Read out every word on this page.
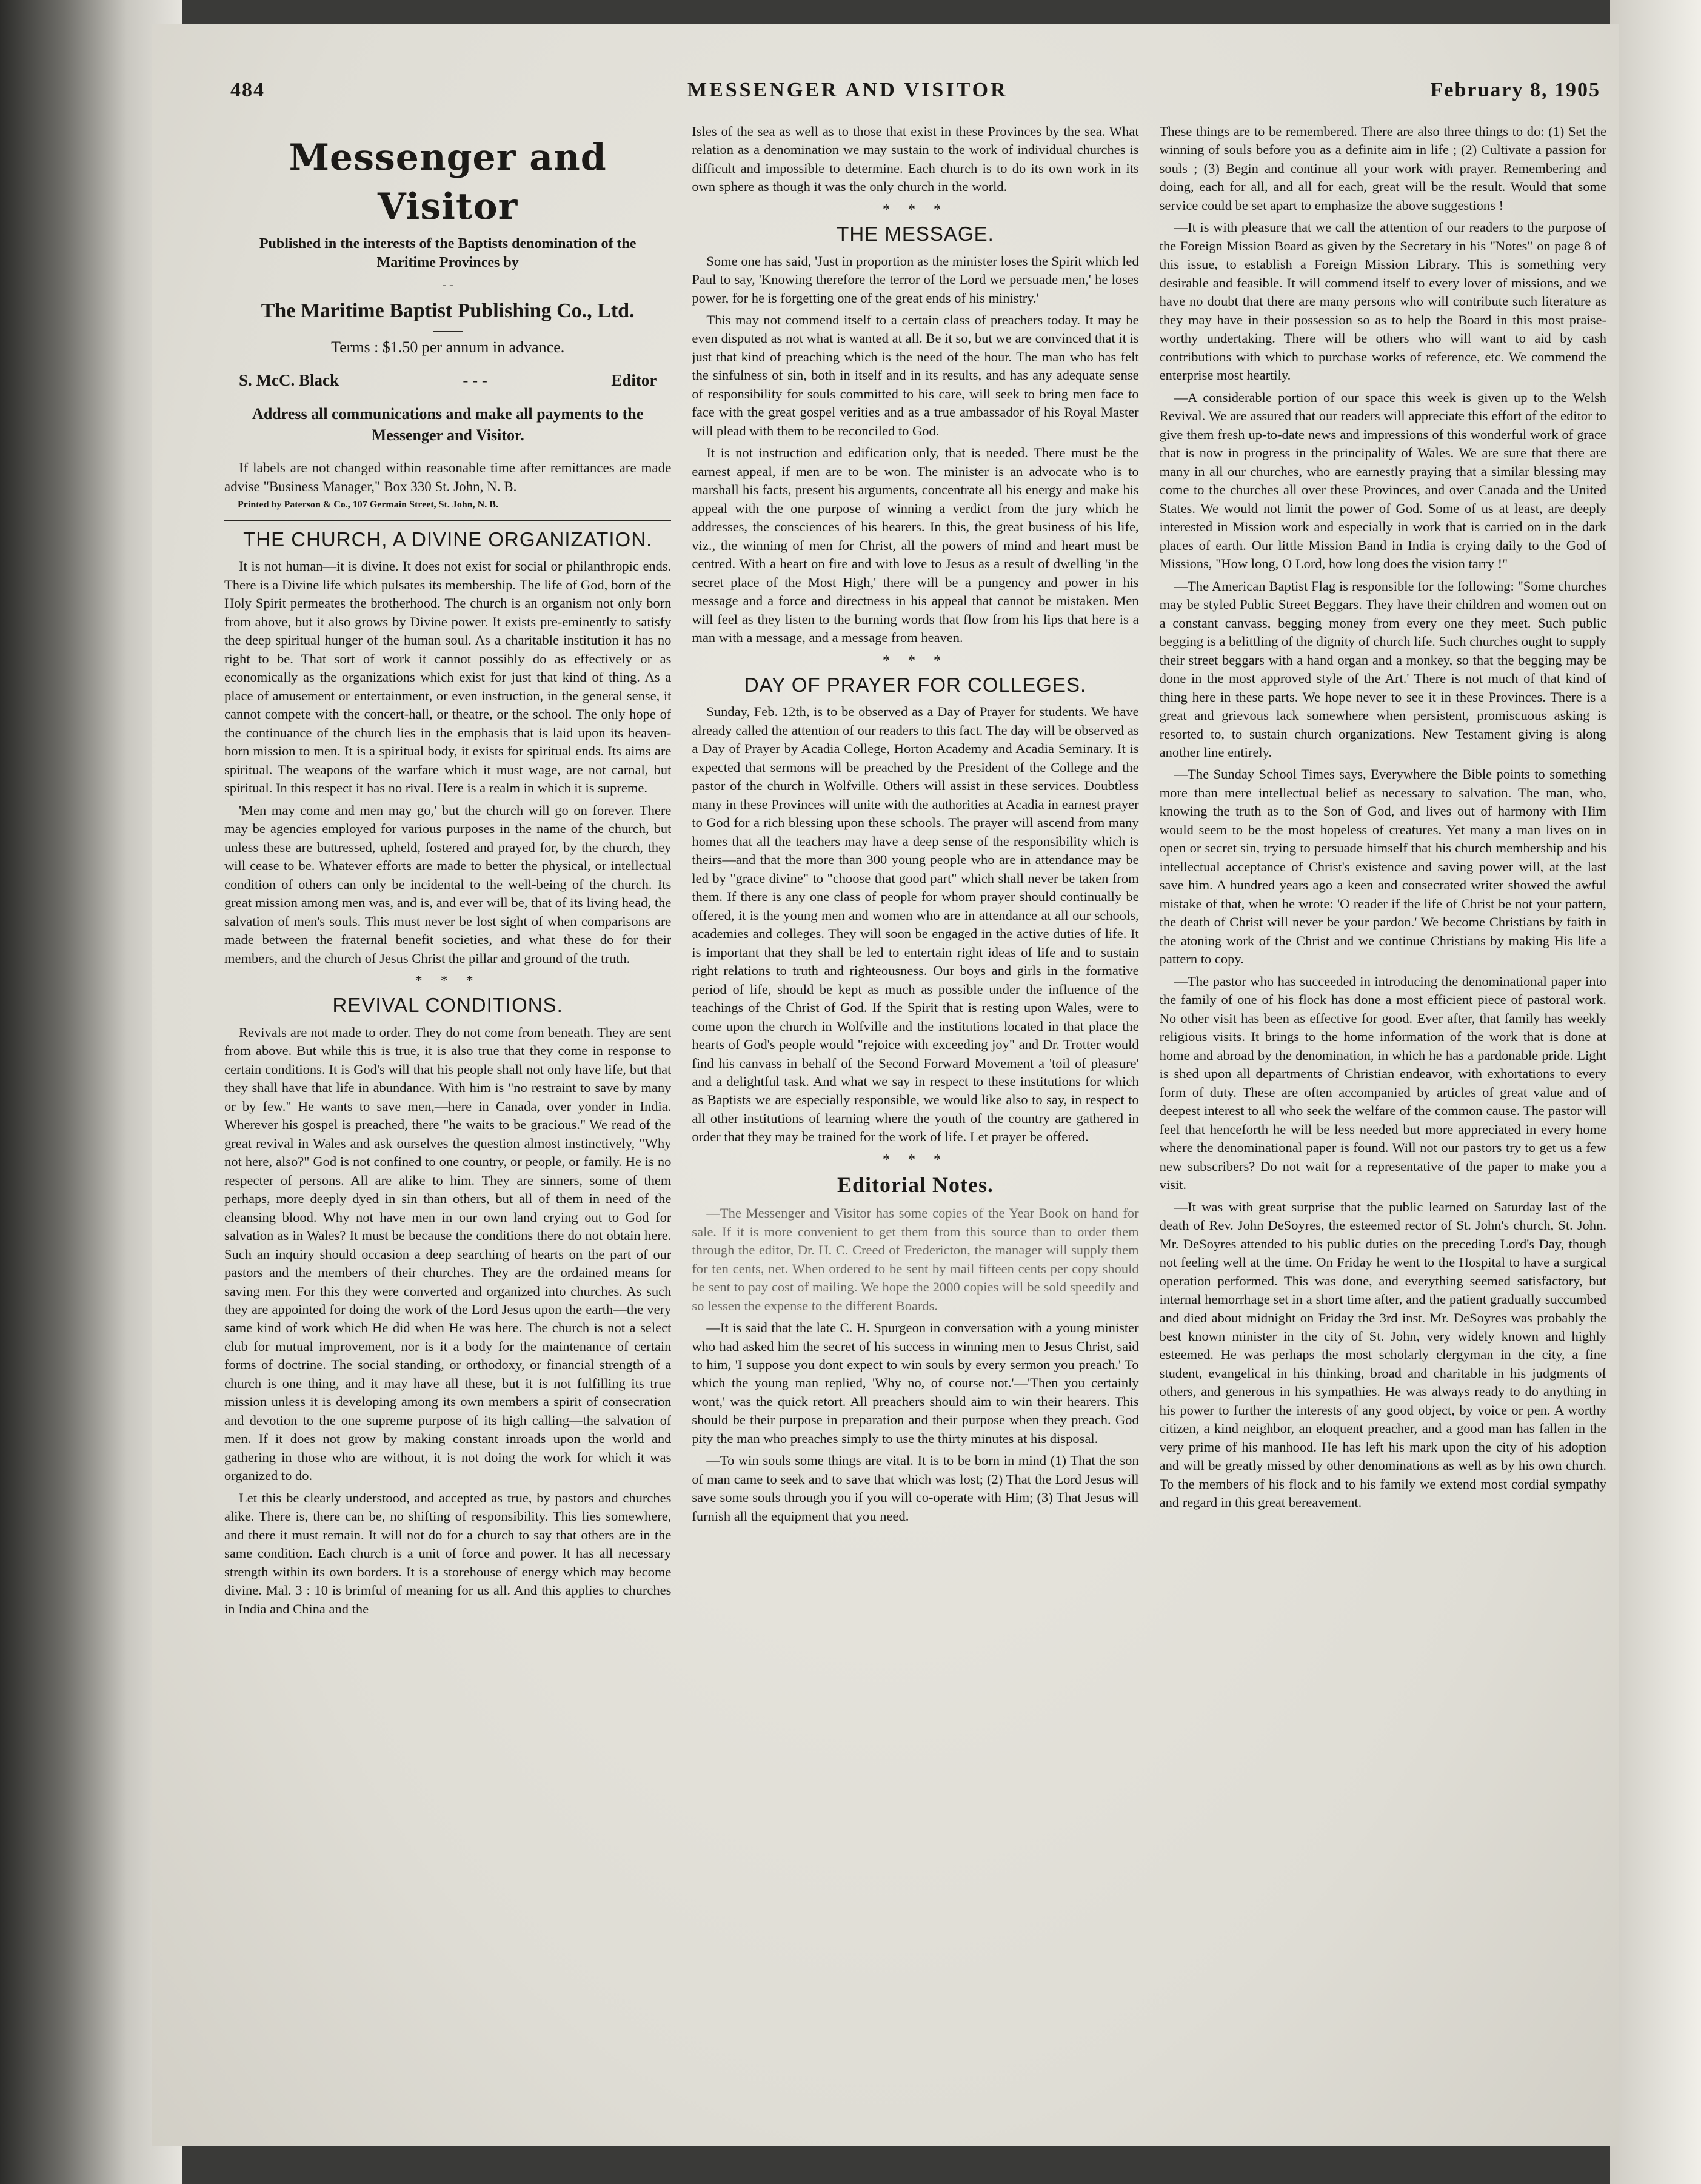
484	MESSENGER AND VISITOR	February 8, 1905
Messenger and Visitor
Published in the interests of the Baptists denomination of the Maritime Provinces by
- -
The Maritime Baptist Publishing Co., Ltd.
Terms : $1.50 per annum in advance.
S. McC. Black	- - -	Editor
Address all communications and make all payments to the Messenger and Visitor.
If labels are not changed within reasonable time after remittances are made advise "Business Manager," Box 330 St. John, N. B.
Printed by Paterson & Co., 107 Germain Street, St. John, N. B.
THE CHURCH, A DIVINE ORGANIZATION.

It is not human—it is divine. It does not exist for social or philanthropic ends. There is a Divine life which pulsates its membership. The life of God, born of the Holy Spirit permeates the brotherhood. The church is an organism not only born from above, but it also grows by Divine power. It exists pre-eminently to satisfy the deep spiritual hunger of the human soul. As a charitable institution it has no right to be. That sort of work it cannot possibly do as effectively or as economically as the organizations which exist for just that kind of thing. As a place of amusement or entertainment, or even instruction, in the general sense, it cannot compete with the concert-hall, or theatre, or the school. The only hope of the continuance of the church lies in the emphasis that is laid upon its heaven-born mission to men. It is a spiritual body, it exists for spiritual ends. Its aims are spiritual. The weapons of the warfare which it must wage, are not carnal, but spiritual. In this respect it has no rival. Here is a realm in which it is supreme.

'Men may come and men may go,' but the church will go on forever. There may be agencies employed for various purposes in the name of the church, but unless these are buttressed, upheld, fostered and prayed for, by the church, they will cease to be. Whatever efforts are made to better the physical, or intellectual condition of others can only be incidental to the well-being of the church. Its great mission among men was, and is, and ever will be, that of its living head, the salvation of men's souls. This must never be lost sight of when comparisons are made between the fraternal benefit societies, and what these do for their members, and the church of Jesus Christ the pillar and ground of the truth.

* * *
REVIVAL CONDITIONS.

Revivals are not made to order. They do not come from beneath. They are sent from above. But while this is true, it is also true that they come in response to certain conditions. It is God's will that his people shall not only have life, but that they shall have that life in abundance. With him is "no restraint to save by many or by few." He wants to save men,—here in Canada, over yonder in India. Wherever his gospel is preached, there "he waits to be gracious." We read of the great revival in Wales and ask ourselves the question almost instinctively, "Why not here, also?" God is not confined to one country, or people, or family. He is no respecter of persons. All are alike to him. They are sinners, some of them perhaps, more deeply dyed in sin than others, but all of them in need of the cleansing blood. Why not have men in our own land crying out to God for salvation as in Wales? It must be because the conditions there do not obtain here. Such an inquiry should occasion a deep searching of hearts on the part of our pastors and the members of their churches. They are the ordained means for saving men. For this they were converted and organized into churches. As such they are appointed for doing the work of the Lord Jesus upon the earth—the very same kind of work which He did when He was here. The church is not a select club for mutual improvement, nor is it a body for the maintenance of certain forms of doctrine. The social standing, or orthodoxy, or financial strength of a church is one thing, and it may have all these, but it is not fulfilling its true mission unless it is developing among its own members a spirit of consecration and devotion to the one supreme purpose of its high calling—the salvation of men. If it does not grow by making constant inroads upon the world and gathering in those who are without, it is not doing the work for which it was organized to do.

Let this be clearly understood, and accepted as true, by pastors and churches alike. There is, there can be, no shifting of responsibility. This lies somewhere, and there it must remain. It will not do for a church to say that others are in the same condition. Each church is a unit of force and power. It has all necessary strength within its own borders. It is a storehouse of energy which may become divine. Mal. 3 : 10 is brimful of meaning for us all. And this applies to churches in India and China and the

Isles of the sea as well as to those that exist in these Provinces by the sea. What relation as a denomination we may sustain to the work of individual churches is difficult and impossible to determine. Each church is to do its own work in its own sphere as though it was the only church in the world.

* * *
THE MESSAGE.

Some one has said, 'Just in proportion as the minister loses the Spirit which led Paul to say, 'Knowing therefore the terror of the Lord we persuade men,' he loses power, for he is forgetting one of the great ends of his ministry.'

This may not commend itself to a certain class of preachers today. It may be even disputed as not what is wanted at all. Be it so, but we are convinced that it is just that kind of preaching which is the need of the hour. The man who has felt the sinfulness of sin, both in itself and in its results, and has any adequate sense of responsibility for souls committed to his care, will seek to bring men face to face with the great gospel verities and as a true ambassador of his Royal Master will plead with them to be reconciled to God.

It is not instruction and edification only, that is needed. There must be the earnest appeal, if men are to be won. The minister is an advocate who is to marshall his facts, present his arguments, concentrate all his energy and make his appeal with the one purpose of winning a verdict from the jury which he addresses, the consciences of his hearers. In this, the great business of his life, viz., the winning of men for Christ, all the powers of mind and heart must be centred. With a heart on fire and with love to Jesus as a result of dwelling 'in the secret place of the Most High,' there will be a pungency and power in his message and a force and directness in his appeal that cannot be mistaken. Men will feel as they listen to the burning words that flow from his lips that here is a man with a message, and a message from heaven.

* * *
DAY OF PRAYER FOR COLLEGES.

Sunday, Feb. 12th, is to be observed as a Day of Prayer for students. We have already called the attention of our readers to this fact. The day will be observed as a Day of Prayer by Acadia College, Horton Academy and Acadia Seminary. It is expected that sermons will be preached by the President of the College and the pastor of the church in Wolfville. Others will assist in these services. Doubtless many in these Provinces will unite with the authorities at Acadia in earnest prayer to God for a rich blessing upon these schools. The prayer will ascend from many homes that all the teachers may have a deep sense of the responsibility which is theirs—and that the more than 300 young people who are in attendance may be led by "grace divine" to "choose that good part" which shall never be taken from them. If there is any one class of people for whom prayer should continually be offered, it is the young men and women who are in attendance at all our schools, academies and colleges. They will soon be engaged in the active duties of life. It is important that they shall be led to entertain right ideas of life and to sustain right relations to truth and righteousness. Our boys and girls in the formative period of life, should be kept as much as possible under the influence of the teachings of the Christ of God. If the Spirit that is resting upon Wales, were to come upon the church in Wolfville and the institutions located in that place the hearts of God's people would "rejoice with exceeding joy" and Dr. Trotter would find his canvass in behalf of the Second Forward Movement a 'toil of pleasure' and a delightful task. And what we say in respect to these institutions for which as Baptists we are especially responsible, we would like also to say, in respect to all other institutions of learning where the youth of the country are gathered in order that they may be trained for the work of life. Let prayer be offered.

* * *
Editorial Notes.

—The Messenger and Visitor has some copies of the Year Book on hand for sale. If it is more convenient to get them from this source than to order them through the editor, Dr. H. C. Creed of Fredericton, the manager will supply them for ten cents, net. When ordered to be sent by mail fifteen cents per copy should be sent to pay cost of mailing. We hope the 2000 copies will be sold speedily and so lessen the expense to the different Boards.

—It is said that the late C. H. Spurgeon in conversation with a young minister who had asked him the secret of his success in winning men to Jesus Christ, said to him, 'I suppose you dont expect to win souls by every sermon you preach.' To which the young man replied, 'Why no, of course not.'—'Then you certainly wont,' was the quick retort. All preachers should aim to win their hearers. This should be their purpose in preparation and their purpose when they preach. God pity the man who preaches simply to use the thirty minutes at his disposal.

—To win souls some things are vital. It is to be born in mind (1) That the son of man came to seek and to save that which was lost; (2) That the Lord Jesus will save some souls through you if you will co-operate with Him; (3) That Jesus will furnish all the equipment that you need.

These things are to be remembered. There are also three things to do: (1) Set the winning of souls before you as a definite aim in life ; (2) Cultivate a passion for souls ; (3) Begin and continue all your work with prayer. Remembering and doing, each for all, and all for each, great will be the result. Would that some service could be set apart to emphasize the above suggestions !

—It is with pleasure that we call the attention of our readers to the purpose of the Foreign Mission Board as given by the Secretary in his "Notes" on page 8 of this issue, to establish a Foreign Mission Library. This is something very desirable and feasible. It will commend itself to every lover of missions, and we have no doubt that there are many persons who will contribute such literature as they may have in their possession so as to help the Board in this most praise-worthy undertaking. There will be others who will want to aid by cash contributions with which to purchase works of reference, etc. We commend the enterprise most heartily.

—A considerable portion of our space this week is given up to the Welsh Revival. We are assured that our readers will appreciate this effort of the editor to give them fresh up-to-date news and impressions of this wonderful work of grace that is now in progress in the principality of Wales. We are sure that there are many in all our churches, who are earnestly praying that a similar blessing may come to the churches all over these Provinces, and over Canada and the United States. We would not limit the power of God. Some of us at least, are deeply interested in Mission work and especially in work that is carried on in the dark places of earth. Our little Mission Band in India is crying daily to the God of Missions, "How long, O Lord, how long does the vision tarry !"

—The American Baptist Flag is responsible for the following: "Some churches may be styled Public Street Beggars. They have their children and women out on a constant canvass, begging money from every one they meet. Such public begging is a belittling of the dignity of church life. Such churches ought to supply their street beggars with a hand organ and a monkey, so that the begging may be done in the most approved style of the Art.' There is not much of that kind of thing here in these parts. We hope never to see it in these Provinces. There is a great and grievous lack somewhere when persistent, promiscuous asking is resorted to, to sustain church organizations. New Testament giving is along another line entirely.

—The Sunday School Times says, Everywhere the Bible points to something more than mere intellectual belief as necessary to salvation. The man, who, knowing the truth as to the Son of God, and lives out of harmony with Him would seem to be the most hopeless of creatures. Yet many a man lives on in open or secret sin, trying to persuade himself that his church membership and his intellectual acceptance of Christ's existence and saving power will, at the last save him. A hundred years ago a keen and consecrated writer showed the awful mistake of that, when he wrote: 'O reader if the life of Christ be not your pattern, the death of Christ will never be your pardon.' We become Christians by faith in the atoning work of the Christ and we continue Christians by making His life a pattern to copy.

—The pastor who has succeeded in introducing the denominational paper into the family of one of his flock has done a most efficient piece of pastoral work. No other visit has been as effective for good. Ever after, that family has weekly religious visits. It brings to the home information of the work that is done at home and abroad by the denomination, in which he has a pardonable pride. Light is shed upon all departments of Christian endeavor, with exhortations to every form of duty. These are often accompanied by articles of great value and of deepest interest to all who seek the welfare of the common cause. The pastor will feel that henceforth he will be less needed but more appreciated in every home where the denominational paper is found. Will not our pastors try to get us a few new subscribers? Do not wait for a representative of the paper to make you a visit.

—It was with great surprise that the public learned on Saturday last of the death of Rev. John DeSoyres, the esteemed rector of St. John's church, St. John. Mr. DeSoyres attended to his public duties on the preceding Lord's Day, though not feeling well at the time. On Friday he went to the Hospital to have a surgical operation performed. This was done, and everything seemed satisfactory, but internal hemorrhage set in a short time after, and the patient gradually succumbed and died about midnight on Friday the 3rd inst. Mr. DeSoyres was probably the best known minister in the city of St. John, very widely known and highly esteemed. He was perhaps the most scholarly clergyman in the city, a fine student, evangelical in his thinking, broad and charitable in his judgments of others, and generous in his sympathies. He was always ready to do anything in his power to further the interests of any good object, by voice or pen. A worthy citizen, a kind neighbor, an eloquent preacher, and a good man has fallen in the very prime of his manhood. He has left his mark upon the city of his adoption and will be greatly missed by other denominations as well as by his own church. To the members of his flock and to his family we extend most cordial sympathy and regard in this great bereavement.
